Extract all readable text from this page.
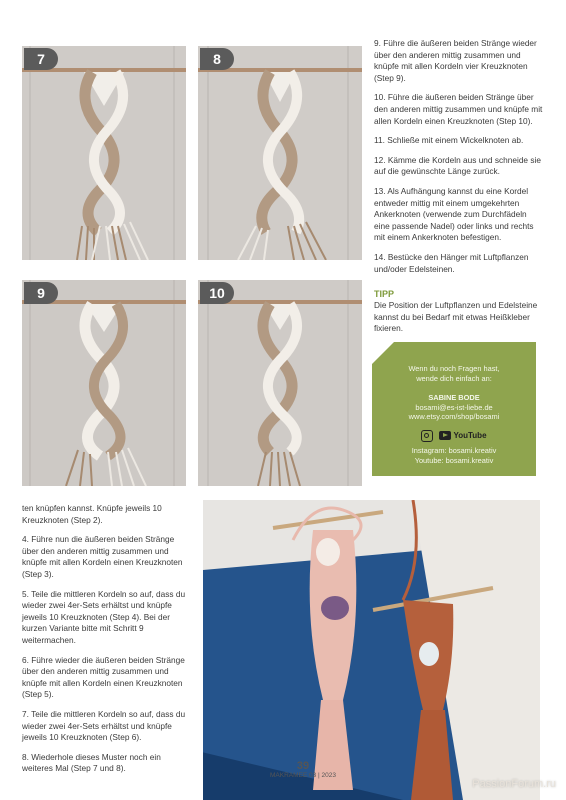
7	8
9	10

9. Führe die äußeren beiden Stränge wieder über den anderen mittig zusammen und knüpfe mit allen Kordeln vier Kreuzknoten (Step 9).

10. Führe die äußeren beiden Stränge über den anderen mittig zusammen und knüpfe mit allen Kordeln einen Kreuzknoten (Step 10).

11. Schließe mit einem Wickelknoten ab.

12. Kämme die Kordeln aus und schneide sie auf die gewünschte Länge zurück.

13. Als Aufhängung kannst du eine Kordel entweder mittig mit einem umgekehrten Ankerknoten (verwende zum Durchfädeln eine passende Nadel) oder links und rechts mit einem Ankerknoten befestigen.

14. Bestücke den Hänger mit Luftpflanzen und/oder Edelsteinen.

TIPP
Die Position der Luftpflanzen und Edelsteine kannst du bei Bedarf mit etwas Heißkleber fixieren.
Wenn du noch Fragen hast,
wende dich einfach an:
SABINE BODE
bosami@es-ist-liebe.de
www.etsy.com/shop/bosami
YouTube
Instagram: bosami.kreativ
Youtube: bosami.kreativ

ten knüpfen kannst. Knüpfe jeweils 10 Kreuzknoten (Step 2).

4. Führe nun die äußeren beiden Stränge über den anderen mittig zusammen und knüpfe mit allen Kordeln einen Kreuzknoten (Step 3).

5. Teile die mittleren Kordeln so auf, dass du wieder zwei 4er-Sets erhältst und knüpfe jeweils 10 Kreuzknoten (Step 4). Bei der kurzen Variante bitte mit Schritt 9 weitermachen.

6. Führe wieder die äußeren beiden Stränge über den anderen mittig zusammen und knüpfe mit allen Kordeln einen Kreuzknoten (Step 5).

7. Teile die mittleren Kordeln so auf, dass du wieder zwei 4er-Sets erhältst und knüpfe jeweils 10 Kreuzknoten (Step 6).

8. Wiederhole dieses Muster noch ein weiteres Mal (Step 7 und 8).	39
MAKRAMEE 03 | 2023
PassionForum.ru
